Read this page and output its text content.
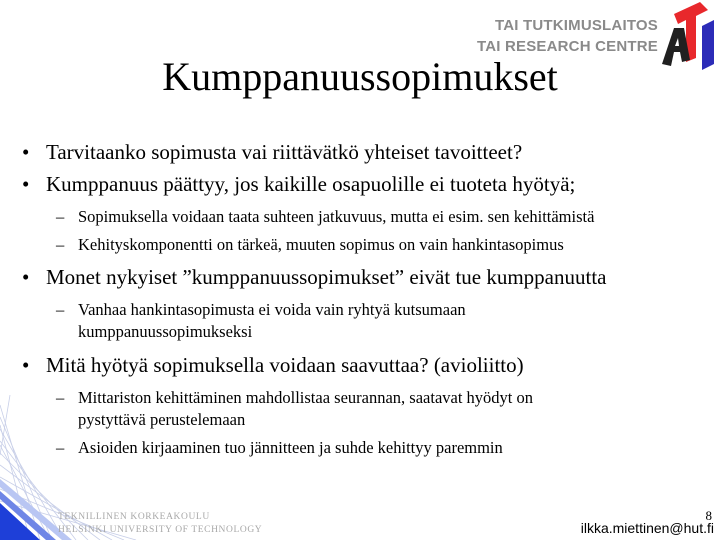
TAI TUTKIMUSLAITOS
TAI RESEARCH CENTRE
Kumppanuussopimukset
• Tarvitaanko sopimusta vai riittävätkö yhteiset tavoitteet?
• Kumppanuus päättyy, jos kaikille osapuolille ei tuoteta hyötyä;
– Sopimuksella voidaan taata suhteen jatkuvuus, mutta ei esim. sen kehittämistä
– Kehityskomponentti on tärkeä, muuten sopimus on vain hankintasopimus
• Monet nykyiset ”kumppanuussopimukset” eivät tue kumppanuutta
– Vanhaa hankintasopimusta ei voida vain ryhtyä kutsumaan
kumppanuussopimukseksi
• Mitä hyötyä sopimuksella voidaan saavuttaa? (avioliitto)
– Mittariston kehittäminen mahdollistaa seurannan, saatavat hyödyt on
pystyttävä perustelemaan
– Asioiden kirjaaminen tuo jännitteen ja suhde kehittyy paremmin
TEKNILLINEN KORKEAKOULU
HELSINKI UNIVERSITY OF TECHNOLOGY
8
ilkka.miettinen@hut.fi
